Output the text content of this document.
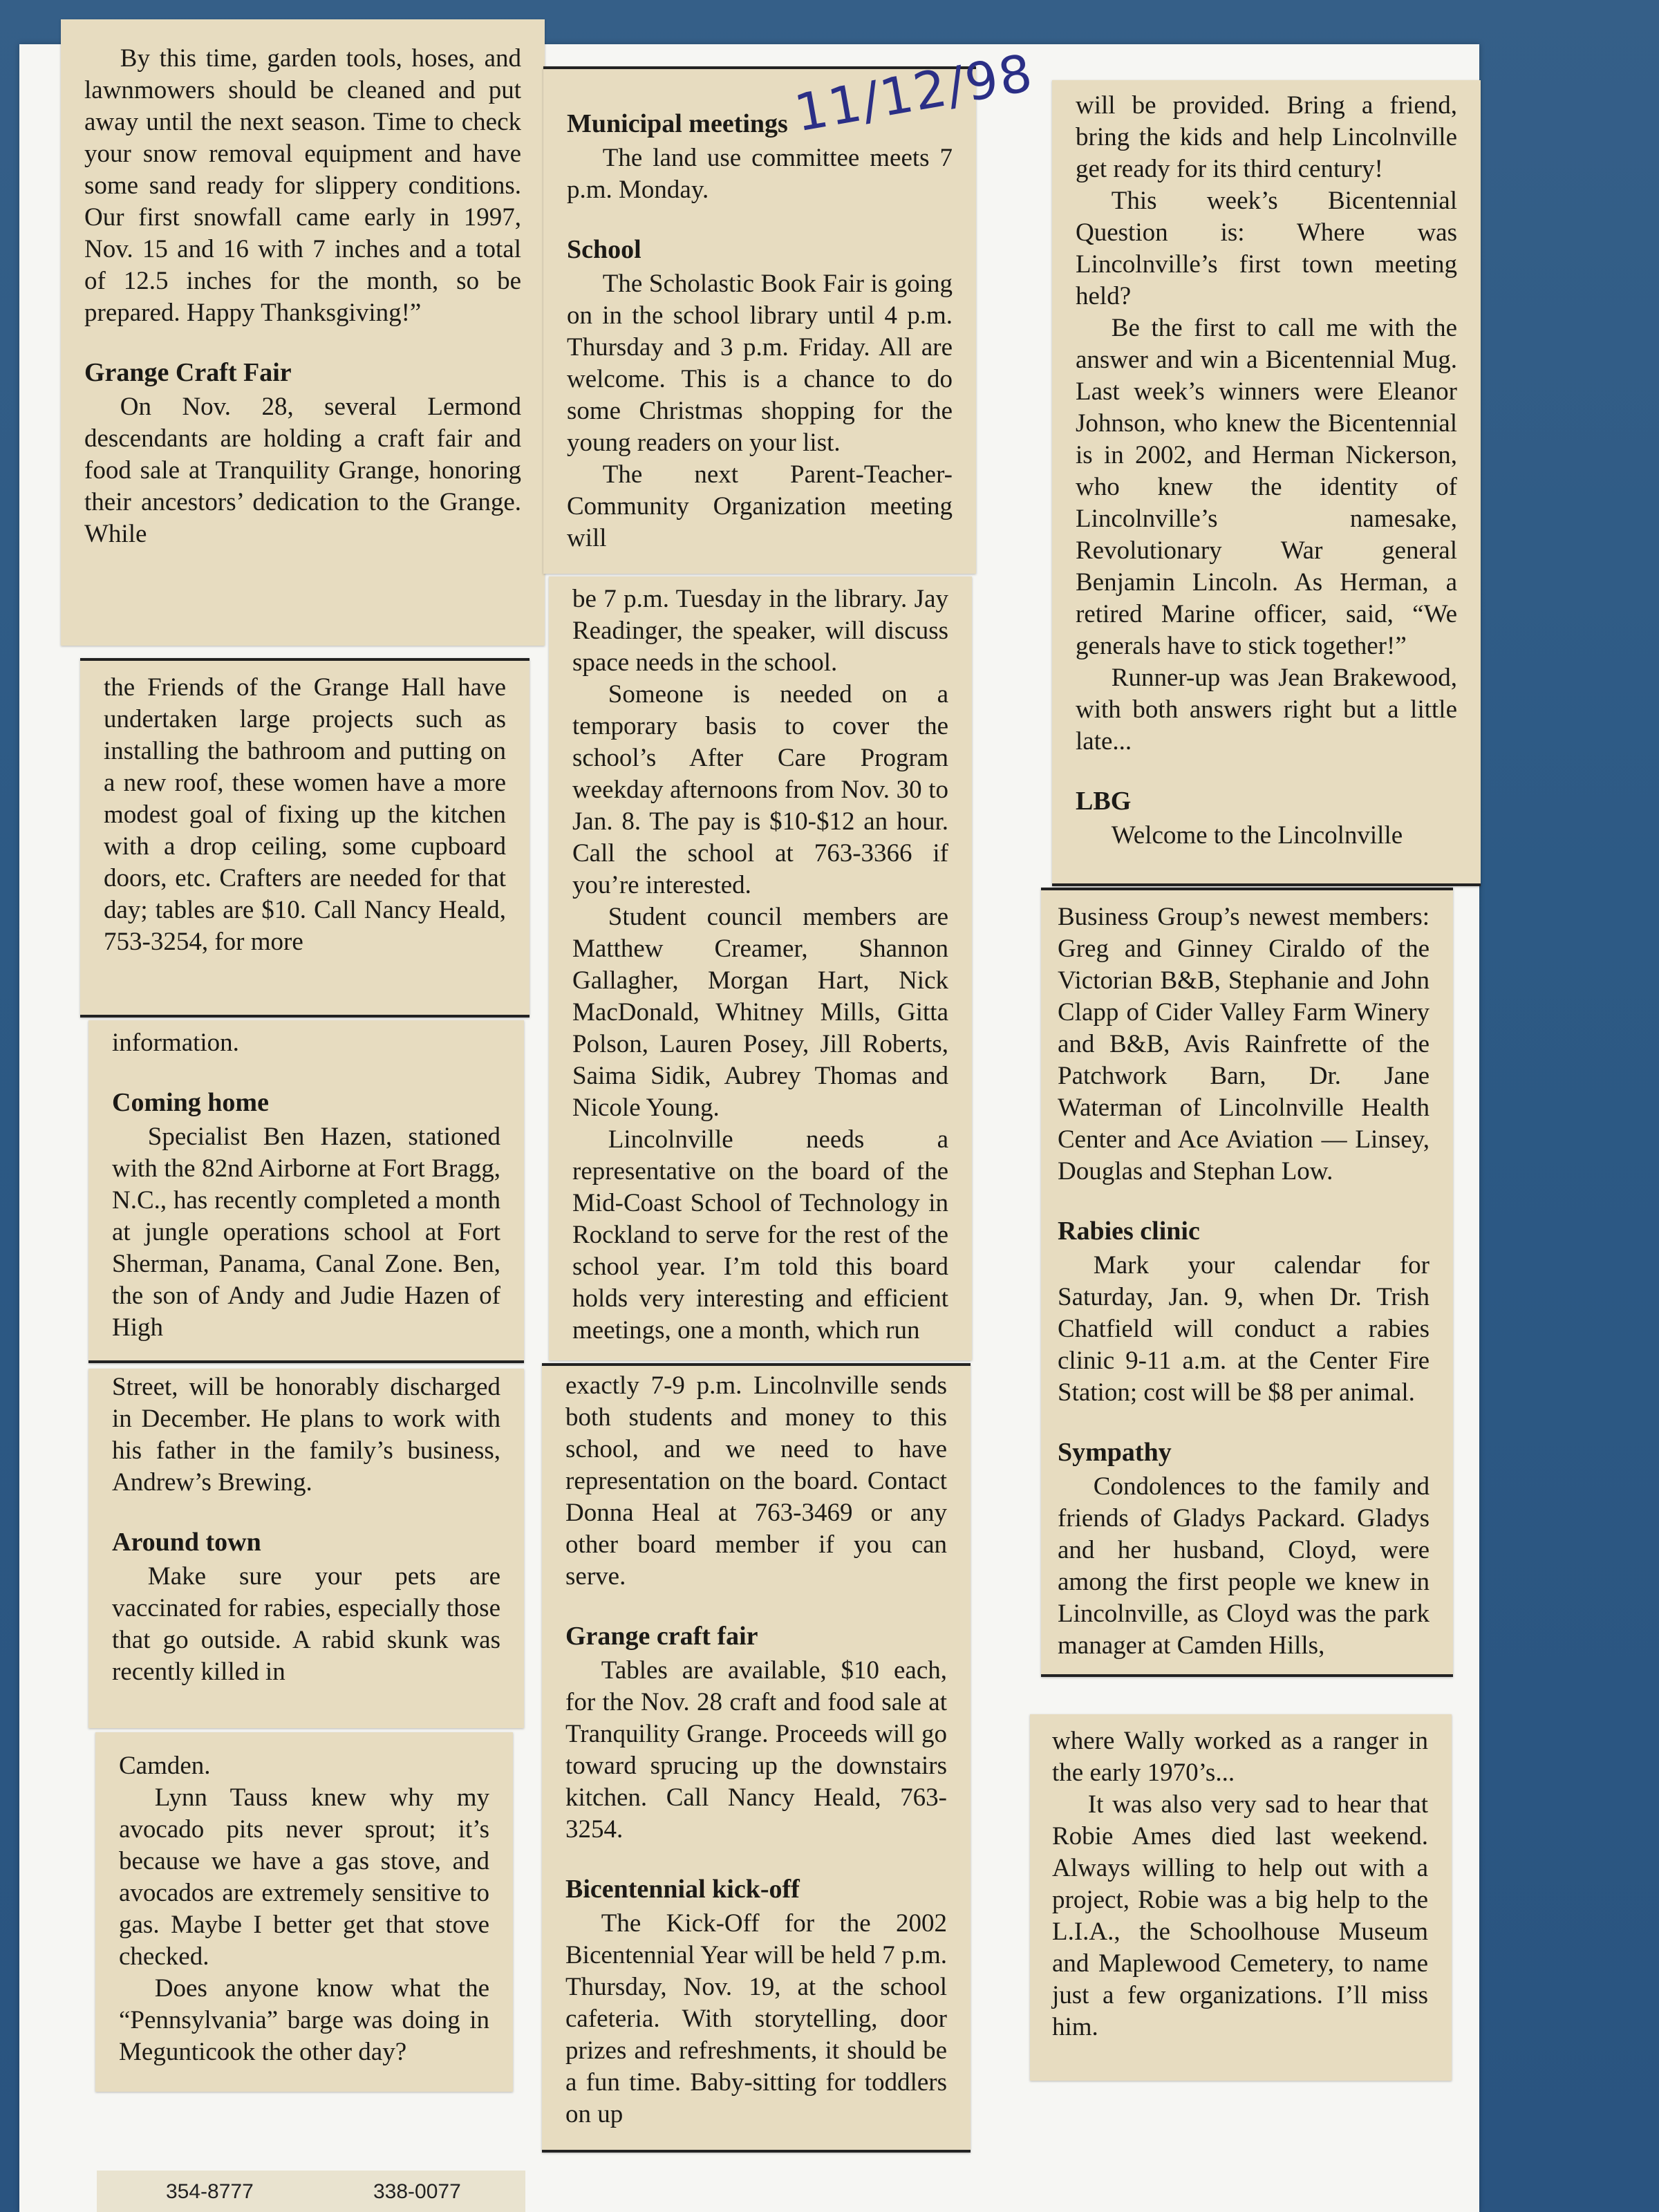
By this time, garden tools, hoses, and lawnmowers should be cleaned and put away until the next season. Time to check your snow removal equipment and have some sand ready for slippery conditions. Our first snowfall came early in 1997, Nov. 15 and 16 with 7 inches and a total of 12.5 inches for the month, so be prepared. Happy Thanksgiving!”

Grange Craft Fair

On Nov. 28, several Lermond descendants are holding a craft fair and food sale at Tranquility Grange, honoring their ancestors’ dedication to the Grange. While

the Friends of the Grange Hall have undertaken large projects such as installing the bathroom and putting on a new roof, these women have a more modest goal of fixing up the kitchen with a drop ceiling, some cupboard doors, etc. Crafters are needed for that day; tables are $10. Call Nancy Heald, 753-3254, for more

information.

Coming home

Specialist Ben Hazen, stationed with the 82nd Airborne at Fort Bragg, N.C., has recently completed a month at jungle operations school at Fort Sherman, Panama, Canal Zone. Ben, the son of Andy and Judie Hazen of High

Street, will be honorably discharged in December. He plans to work with his father in the family’s business, Andrew’s Brewing.

Around town

Make sure your pets are vaccinated for rabies, especially those that go outside. A rabid skunk was recently killed in

Camden.

Lynn Tauss knew why my avocado pits never sprout; it’s because we have a gas stove, and avocados are extremely sensitive to gas. Maybe I better get that stove checked.

Does anyone know what the “Pennsylvania” barge was doing in Megunticook the other day?

Municipal meetings

The land use committee meets 7 p.m. Monday.

School

The Scholastic Book Fair is going on in the school library until 4 p.m. Thursday and 3 p.m. Friday. All are welcome. This is a chance to do some Christmas shopping for the young readers on your list.

The next Parent-Teacher-Community Organization meeting will

11/12/98

be 7 p.m. Tuesday in the library. Jay Readinger, the speaker, will discuss space needs in the school.

Someone is needed on a temporary basis to cover the school’s After Care Program weekday afternoons from Nov. 30 to Jan. 8. The pay is $10-$12 an hour. Call the school at 763-3366 if you’re interested.

Student council members are Matthew Creamer, Shannon Gallagher, Morgan Hart, Nick MacDonald, Whitney Mills, Gitta Polson, Lauren Posey, Jill Roberts, Saima Sidik, Aubrey Thomas and Nicole Young.

Lincolnville needs a representative on the board of the Mid-Coast School of Technology in Rockland to serve for the rest of the school year. I’m told this board holds very interesting and efficient meetings, one a month, which run

exactly 7-9 p.m. Lincolnville sends both students and money to this school, and we need to have representation on the board. Contact Donna Heal at 763-3469 or any other board member if you can serve.

Grange craft fair

Tables are available, $10 each, for the Nov. 28 craft and food sale at Tranquility Grange. Proceeds will go toward sprucing up the downstairs kitchen. Call Nancy Heald, 763-3254.

Bicentennial kick-off

The Kick-Off for the 2002 Bicentennial Year will be held 7 p.m. Thursday, Nov. 19, at the school cafeteria. With storytelling, door prizes and refreshments, it should be a fun time. Baby-sitting for toddlers on up

will be provided. Bring a friend, bring the kids and help Lincolnville get ready for its third century!

This week’s Bicentennial Question is: Where was Lincolnville’s first town meeting held?

Be the first to call me with the answer and win a Bicentennial Mug. Last week’s winners were Eleanor Johnson, who knew the Bicentennial is in 2002, and Herman Nickerson, who knew the identity of Lincolnville’s namesake, Revolutionary War general Benjamin Lincoln. As Herman, a retired Marine officer, said, “We generals have to stick together!”

Runner-up was Jean Brakewood, with both answers right but a little late...

LBG

Welcome to the Lincolnville

Business Group’s newest members: Greg and Ginney Ciraldo of the Victorian B&B, Stephanie and John Clapp of Cider Valley Farm Winery and B&B, Avis Rainfrette of the Patchwork Barn, Dr. Jane Waterman of Lincolnville Health Center and Ace Aviation — Linsey, Douglas and Stephan Low.

Rabies clinic

Mark your calendar for Saturday, Jan. 9, when Dr. Trish Chatfield will conduct a rabies clinic 9-11 a.m. at the Center Fire Station; cost will be $8 per animal.

Sympathy

Condolences to the family and friends of Gladys Packard. Gladys and her husband, Cloyd, were among the first people we knew in Lincolnville, as Cloyd was the park manager at Camden Hills,

where Wally worked as a ranger in the early 1970’s...

It was also very sad to hear that Robie Ames died last weekend. Always willing to help out with a project, Robie was a big help to the L.I.A., the Schoolhouse Museum and Maplewood Cemetery, to name just a few organizations. I’ll miss him.

354-8777	338-0077
